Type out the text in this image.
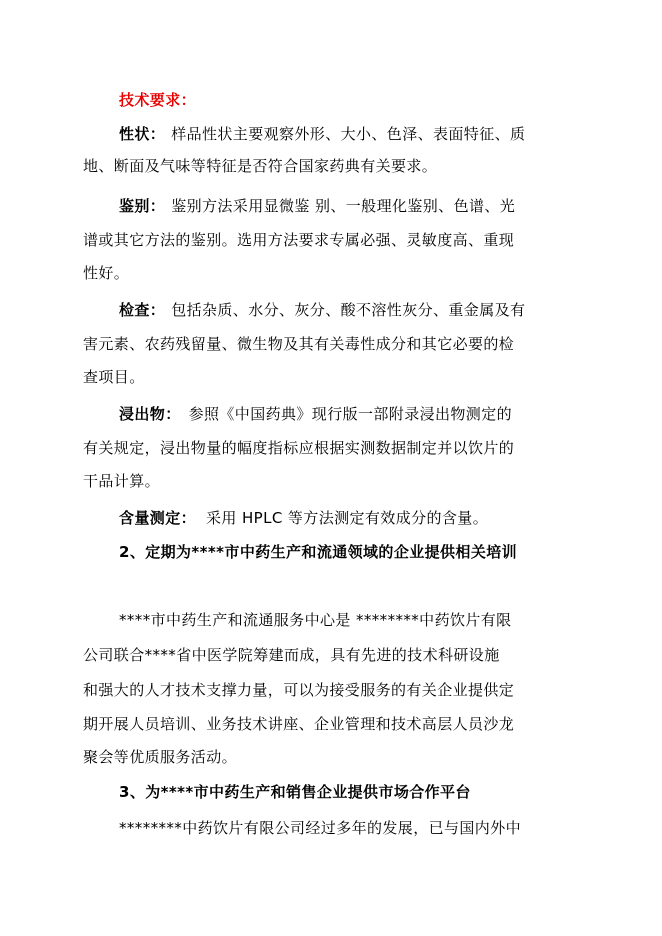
技术要求：

性状： 样品性状主要观察外形、大小、色泽、表面特征、质

地、断面及气味等特征是否符合国家药典有关要求。

鉴别： 鉴别方法采用显微鉴 别、一般理化鉴别、色谱、光

谱或其它方法的鉴别。选用方法要求专属必强、灵敏度高、重现

性好。

检查： 包括杂质、水分、灰分、酸不溶性灰分、重金属及有

害元素、农药残留量、微生物及其有关毒性成分和其它必要的检

查项目。

浸出物： 参照《中国药典》现行版一部附录浸出物测定的

有关规定，浸出物量的幅度指标应根据实测数据制定并以饮片的

干品计算。

含量测定： 采用 HPLC 等方法测定有效成分的含量。

2、定期为****市中药生产和流通领域的企业提供相关培训

****市中药生产和流通服务中心是 ********中药饮片有限

公司联合****省中医学院筹建而成，具有先进的技术科研设施

和强大的人才技术支撑力量，可以为接受服务的有关企业提供定

期开展人员培训、业务技术讲座、企业管理和技术高层人员沙龙

聚会等优质服务活动。

3、为****市中药生产和销售企业提供市场合作平台

********中药饮片有限公司经过多年的发展，已与国内外中
